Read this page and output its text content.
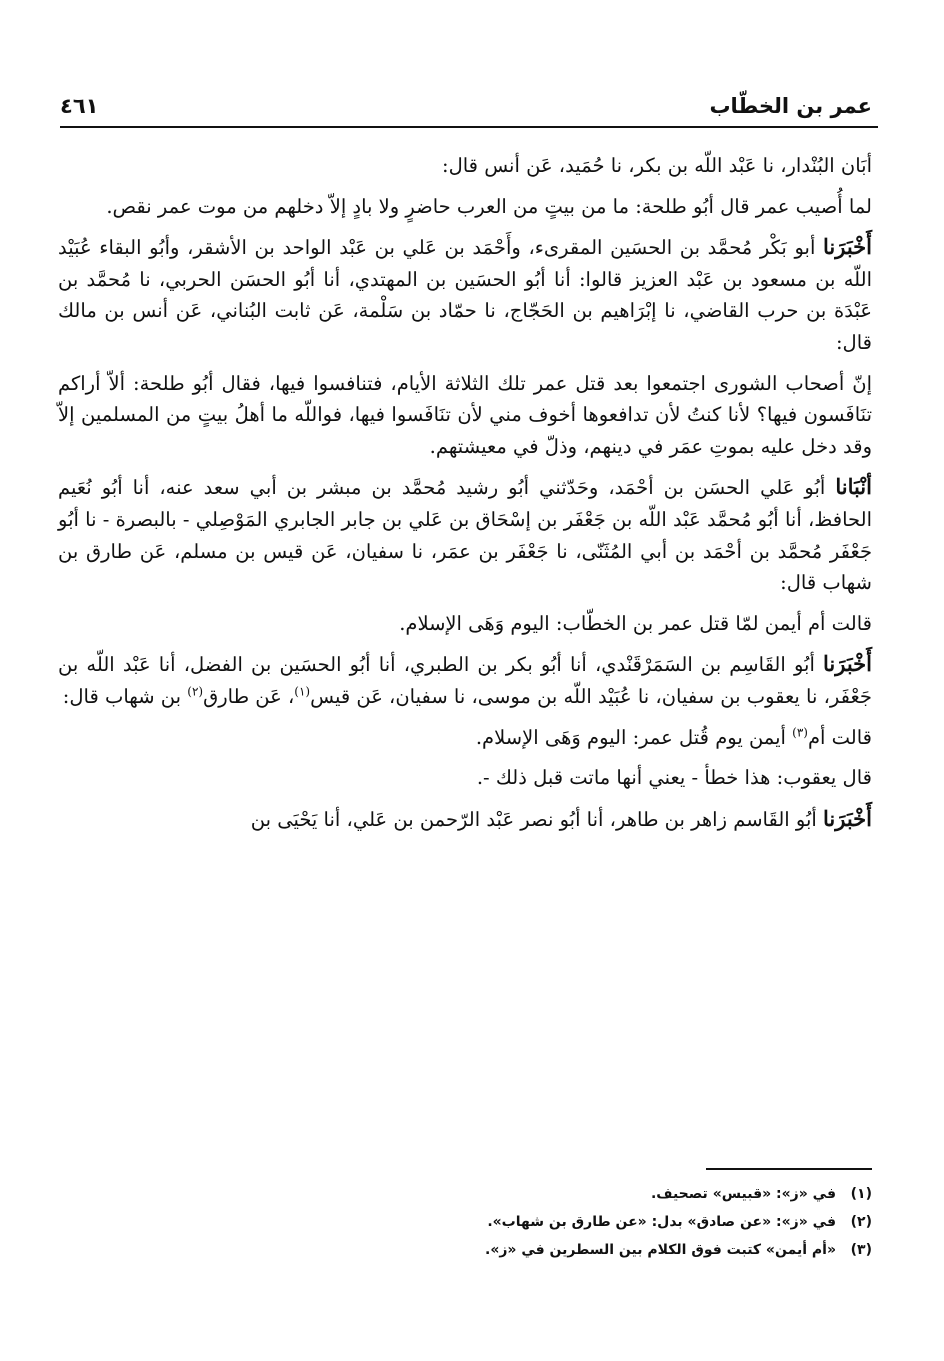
عمر بن الخطّاب
٤٦١

أبَان البُنْدار، نا عَبْد اللّه بن بكر، نا حُمَيد، عَن أنس قال:

لما أُصيب عمر قال أبُو طلحة: ما من بيتٍ من العرب حاضرٍ ولا بادٍ إلاّ دخلهم من موت عمر نقص.

أَخْبَرَنا أبو بَكْر مُحمَّد بن الحسَين المقرىء، وأَحْمَد بن عَلي بن عَبْد الواحد بن الأشقر، وأبُو البقاء عُبَيْد اللّه بن مسعود بن عَبْد العزيز قالوا: أنا أبُو الحسَين بن المهتدي، أنا أبُو الحسَن الحربي، نا مُحمَّد بن عَبْدَة بن حرب القاضي، نا إبْرَاهيم بن الحَجّاج، نا حمّاد بن سَلْمة، عَن ثابت البُناني، عَن أنس بن مالك قال:

إنّ أصحاب الشورى اجتمعوا بعد قتل عمر تلك الثلاثة الأيام، فتنافسوا فيها، فقال أبُو طلحة: ألاّ أراكم تنَافَسون فيها؟ لأنا كنتُ لأن تدافعوها أخوف مني لأن تنَافَسوا فيها، فواللّه ما أهلُ بيتٍ من المسلمين إلاّ وقد دخل عليه بموتِ عمَر في دينهم، وذلّ في معيشتهم.

أنْبَانا أبُو عَلي الحسَن بن أحْمَد، وحَدّثني أبُو رشيد مُحمَّد بن مبشر بن أبي سعد عنه، أنا أبُو نُعَيم الحافظ، أنا أبُو مُحمَّد عَبْد اللّه بن جَعْفَر بن إسْحَاق بن عَلي بن جابر الجابري المَوْصِلي - بالبصرة - نا أبُو جَعْفَر مُحمَّد بن أحْمَد بن أبي المُثَنّى، نا جَعْفَر بن عمَر، نا سفيان، عَن قيس بن مسلم، عَن طارق بن شهاب قال:

قالت أم أيمن لمّا قتل عمر بن الخطّاب: اليوم وَهَى الإسلام.

أَخْبَرَنا أبُو القَاسِم بن السَمَرْقَنْدي، أنا أبُو بكر بن الطبري، أنا أبُو الحسَين بن الفضل، أنا عَبْد اللّه بن جَعْفَر، نا يعقوب بن سفيان، نا عُبَيْد اللّه بن موسى، نا سفيان، عَن قيس$^{(١)}$، عَن طارق$^{(٢)}$ بن شهاب قال:

قالت أم$^{(٣)}$ أيمن يوم قُتل عمر: اليوم وَهَى الإسلام.

قال يعقوب: هذا خطأ - يعني أنها ماتت قبل ذلك -.

أَخْبَرَنا أبُو القَاسم زاهر بن طاهر، أنا أبُو نصر عَبْد الرّحمن بن عَلي، أنا يَحْيَى بن

(١)في «ز»: «قبيس» تصحيف.
(٢)في «ز»: «عن صادق» بدل: «عن طارق بن شهاب».
(٣)«أم أيمن» كتبت فوق الكلام بين السطرين في «ز».
